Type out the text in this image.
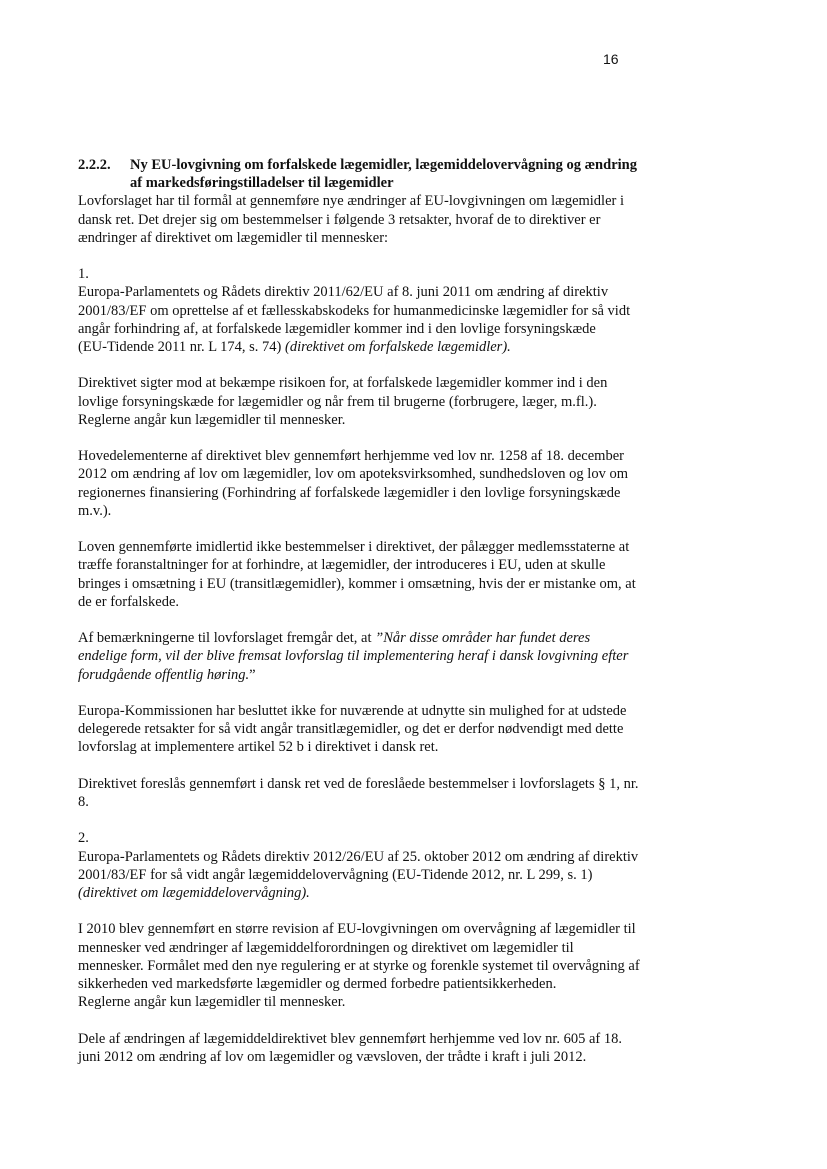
16
2.2.2.	Ny EU-lovgivning om forfalskede lægemidler, lægemiddelovervågning og ændring
af markedsføringstilladelser til lægemidler

Lovforslaget har til formål at gennemføre nye ændringer af EU-lovgivningen om lægemidler i
dansk ret. Det drejer sig om bestemmelser i følgende 3 retsakter, hvoraf de to direktiver er
ændringer af direktivet om lægemidler til mennesker:

1.

Europa-Parlamentets og Rådets direktiv 2011/62/EU af 8. juni 2011 om ændring af direktiv
2001/83/EF om oprettelse af et fællesskabskodeks for humanmedicinske lægemidler for så vidt
angår forhindring af, at forfalskede lægemidler kommer ind i den lovlige forsyningskæde
(EU-Tidende 2011 nr. L 174, s. 74) (direktivet om forfalskede lægemidler).

Direktivet sigter mod at bekæmpe risikoen for, at forfalskede lægemidler kommer ind i den
lovlige forsyningskæde for lægemidler og når frem til brugerne (forbrugere, læger, m.fl.).
Reglerne angår kun lægemidler til mennesker.

Hovedelementerne af direktivet blev gennemført herhjemme ved lov nr. 1258 af 18. december
2012 om ændring af lov om lægemidler, lov om apoteksvirksomhed, sundhedsloven og lov om
regionernes finansiering (Forhindring af forfalskede lægemidler i den lovlige forsyningskæde
m.v.).

Loven gennemførte imidlertid ikke bestemmelser i direktivet, der pålægger medlemsstaterne at
træffe foranstaltninger for at forhindre, at lægemidler, der introduceres i EU, uden at skulle
bringes i omsætning i EU (transitlægemidler), kommer i omsætning, hvis der er mistanke om, at
de er forfalskede.

Af bemærkningerne til lovforslaget fremgår det, at ”Når disse områder har fundet deres
endelige form, vil der blive fremsat lovforslag til implementering heraf i dansk lovgivning efter
forudgående offentlig høring.”

Europa-Kommissionen har besluttet ikke for nuværende at udnytte sin mulighed for at udstede
delegerede retsakter for så vidt angår transitlægemidler, og det er derfor nødvendigt med dette
lovforslag at implementere artikel 52 b i direktivet i dansk ret.

Direktivet foreslås gennemført i dansk ret ved de foreslåede bestemmelser i lovforslagets § 1, nr.
8.

2.

Europa-Parlamentets og Rådets direktiv 2012/26/EU af 25. oktober 2012 om ændring af direktiv
2001/83/EF for så vidt angår lægemiddelovervågning (EU-Tidende 2012, nr. L 299, s. 1)
(direktivet om lægemiddelovervågning).

I 2010 blev gennemført en større revision af EU-lovgivningen om overvågning af lægemidler til
mennesker ved ændringer af lægemiddelforordningen og direktivet om lægemidler til
mennesker. Formålet med den nye regulering er at styrke og forenkle systemet til overvågning af
sikkerheden ved markedsførte lægemidler og dermed forbedre patientsikkerheden.
Reglerne angår kun lægemidler til mennesker.

Dele af ændringen af lægemiddeldirektivet blev gennemført herhjemme ved lov nr. 605 af 18.
juni 2012 om ændring af lov om lægemidler og vævsloven, der trådte i kraft i juli 2012.
